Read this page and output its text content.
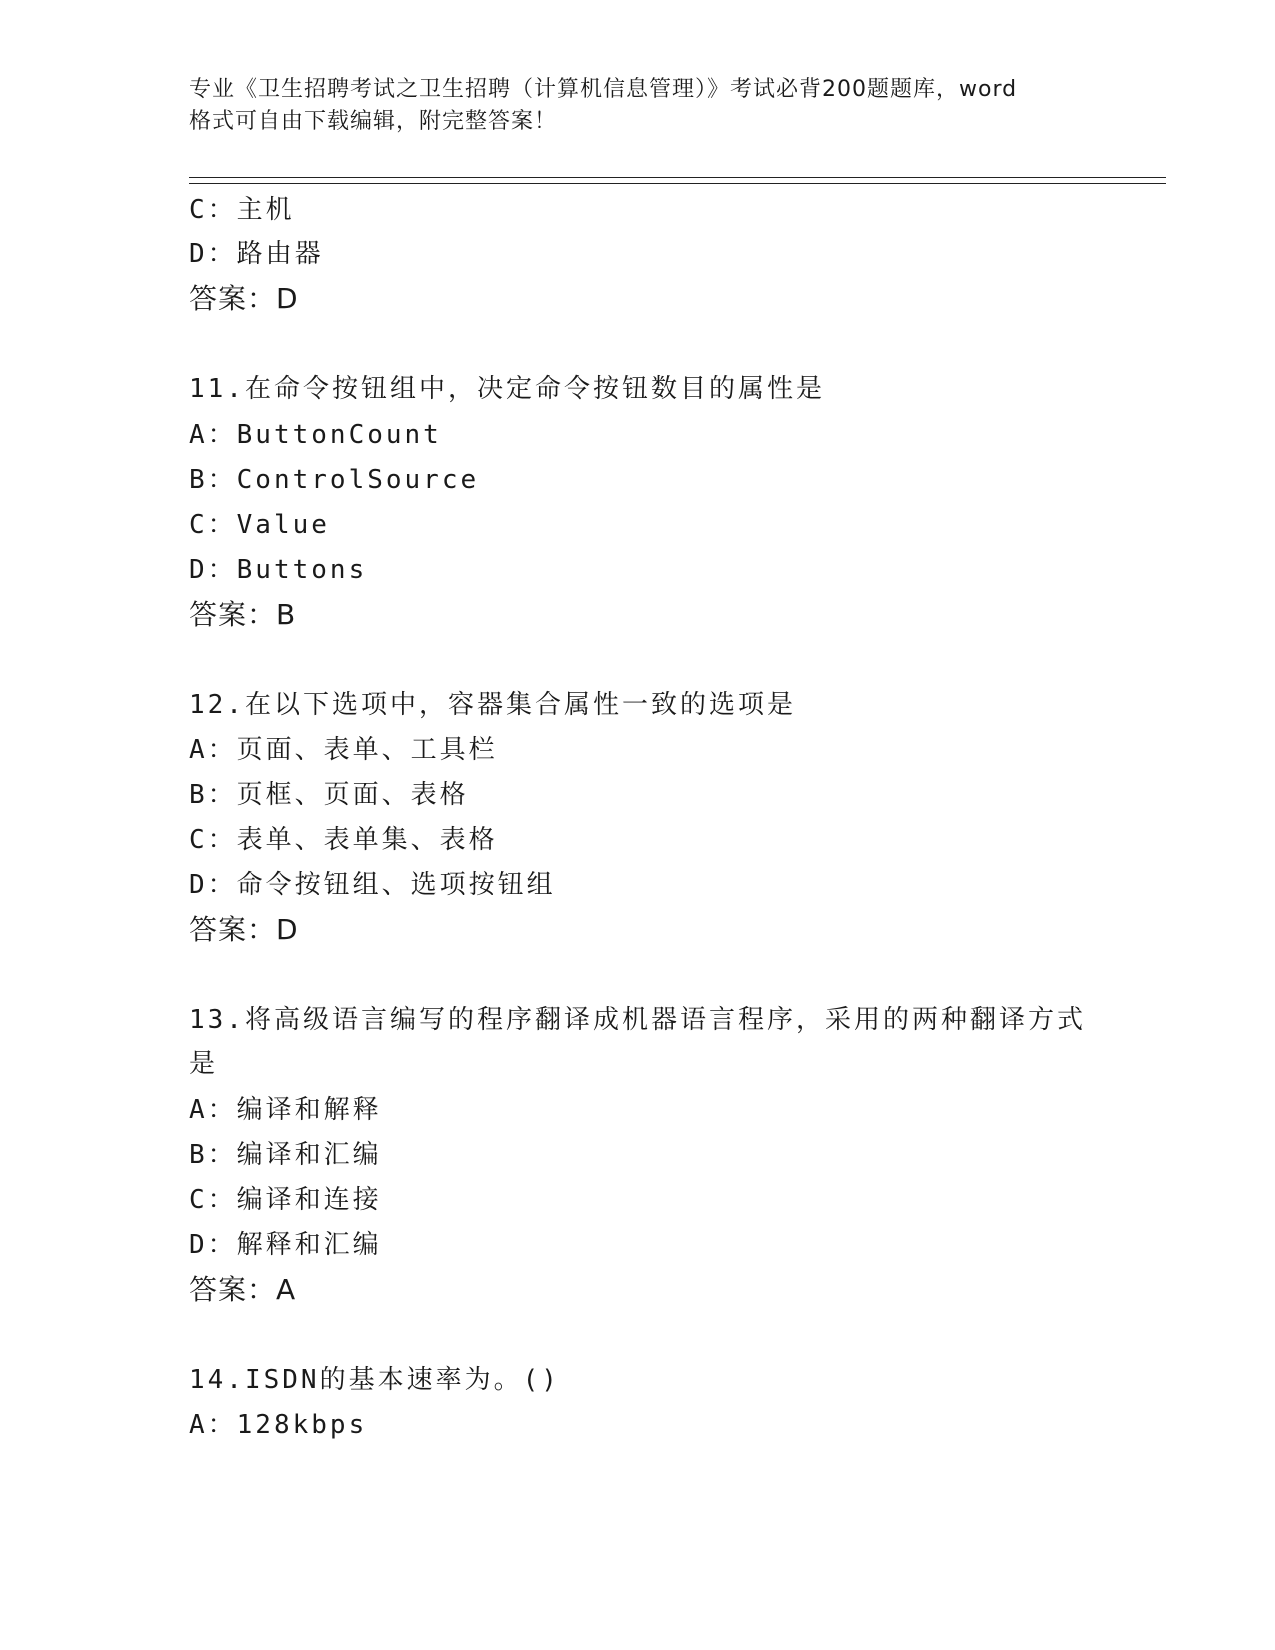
专业《卫生招聘考试之卫生招聘（计算机信息管理）》考试必背200题题库，word
格式可自由下载编辑，附完整答案！
C：主机
D：路由器
答案：D
11.在命令按钮组中，决定命令按钮数目的属性是
A：ButtonCount
B：ControlSource
C：Value
D：Buttons
答案：B
12.在以下选项中，容器集合属性一致的选项是
A：页面、表单、工具栏
B：页框、页面、表格
C：表单、表单集、表格
D：命令按钮组、选项按钮组
答案：D
13.将高级语言编写的程序翻译成机器语言程序，采用的两种翻译方式
是
A：编译和解释
B：编译和汇编
C：编译和连接
D：解释和汇编
答案：A
14.ISDN的基本速率为。()
A：128kbps
